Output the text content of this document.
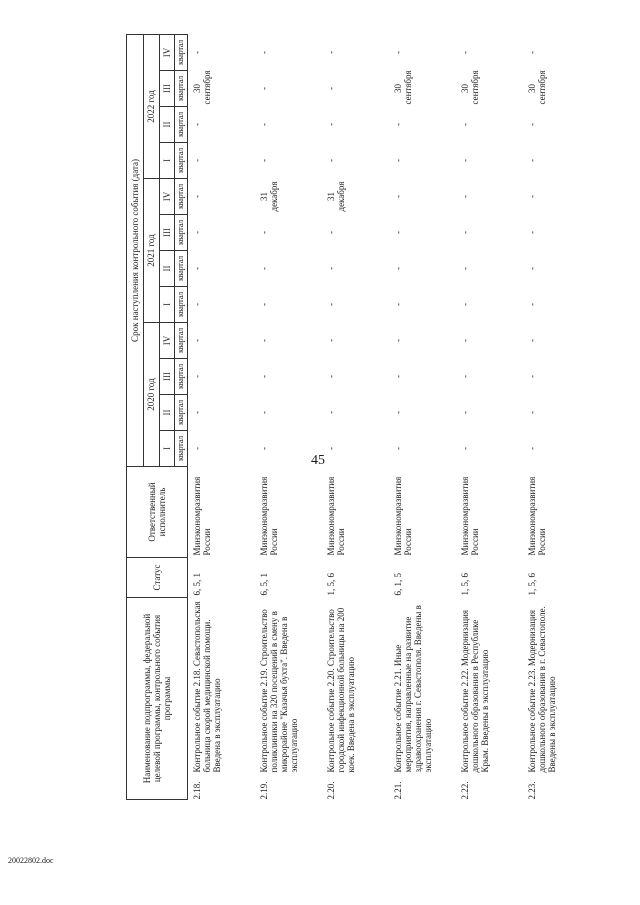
45
20022802.doc
Наименование подпрограммы, федеральной целевой программы, контрольного события программы		Статус	Ответственный исполнитель	Срок наступления контрольного события (дата)											
				2020 год				2021 год				2022 год			
				I	II	III	IV	I	II	III	IV	I	II	III	IV
				квартал	квартал	квартал	квартал	квартал	квартал	квартал	квартал	квартал	квартал	квартал	квартал
2.18.	Контрольное событие 2.18. Севастопольская больница скорой медицинской помощи. Введена в эксплуатацию	6, 5, 1	Минэкономразвития России	-	-	-	-	-	-	-	-	-	-	30 сентября	-
2.19.	Контрольное событие 2.19. Строительство поликлиники на 320 посещений в смену в микрорайоне "Казачья бухта". Введена в эксплуатацию	6, 5, 1	Минэкономразвития России	-	-	-	-	-	-	-	31 декабря	-	-	-	-
2.20.	Контрольное событие 2.20. Строительство городской инфекционной больницы на 200 коек. Введена в эксплуатацию	1, 5, 6	Минэкономразвития России	-	-	-	-	-	-	-	31 декабря	-	-	-	-
2.21.	Контрольное событие 2.21. Иные мероприятия, направленные на развитие здравоохранения г. Севастополя. Введены в эксплуатацию	6, 1, 5	Минэкономразвития России	-	-	-	-	-	-	-	-	-	-	30 сентября	-
2.22.	Контрольное событие 2.22. Модернизация дошкольного образования в Республике Крым. Введены в эксплуатацию	1, 5, 6	Минэкономразвития России	-	-	-	-	-	-	-	-	-	-	30 сентября	-
2.23.	Контрольное событие 2.23. Модернизация дошкольного образования в г. Севастополе. Введены в эксплуатацию	1, 5, 6	Минэкономразвития России	-	-	-	-	-	-	-	-	-	-	30 сентября	-
